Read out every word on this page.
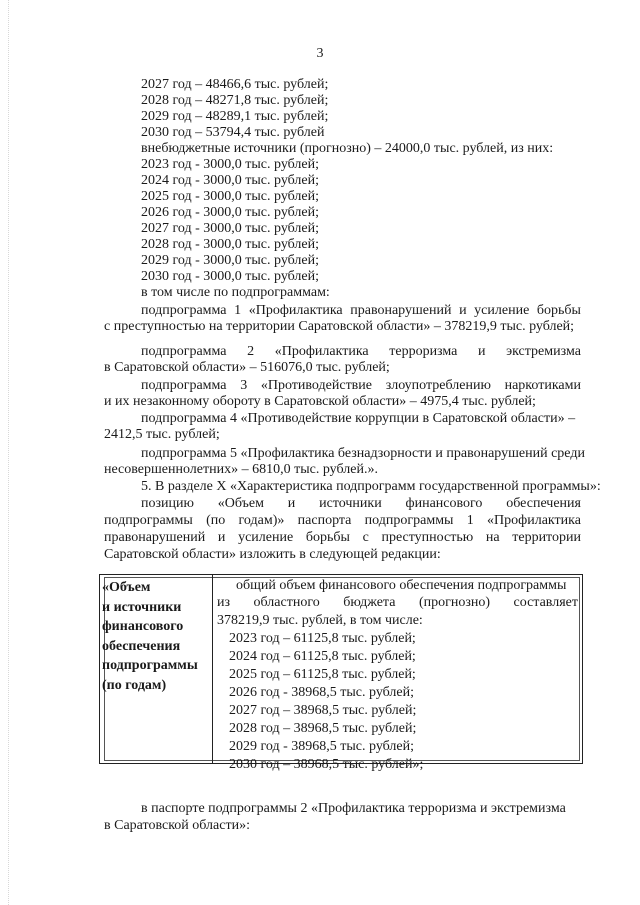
3
2027 год – 48466,6 тыс. рублей;
2028 год – 48271,8 тыс. рублей;
2029 год – 48289,1 тыс. рублей;
2030 год – 53794,4 тыс. рублей
внебюджетные источники (прогнозно) – 24000,0 тыс. рублей, из них:
2023 год - 3000,0 тыс. рублей;
2024 год - 3000,0 тыс. рублей;
2025 год - 3000,0 тыс. рублей;
2026 год - 3000,0 тыс. рублей;
2027 год - 3000,0 тыс. рублей;
2028 год - 3000,0 тыс. рублей;
2029 год - 3000,0 тыс. рублей;
2030 год - 3000,0 тыс. рублей;
в том числе по подпрограммам:
подпрограмма 1 «Профилактика правонарушений и усиление борьбы
с преступностью на территории Саратовской области» – 378219,9 тыс. рублей;
подпрограмма 2 «Профилактика терроризма и экстремизма
в Саратовской области» – 516076,0 тыс. рублей;
подпрограмма 3 «Противодействие злоупотреблению наркотиками
и их незаконному обороту в Саратовской области» – 4975,4 тыс. рублей;
подпрограмма 4 «Противодействие коррупции в Саратовской области» –
2412,5 тыс. рублей;
подпрограмма 5 «Профилактика безнадзорности и правонарушений среди
несовершеннолетних» – 6810,0 тыс. рублей.».
5. В разделе X «Характеристика подпрограмм государственной программы»:
позицию «Объем и источники финансового обеспечения
подпрограммы (по годам)» паспорта подпрограммы 1 «Профилактика
правонарушений и усиление борьбы с преступностью на территории
Саратовской области» изложить в следующей редакции:
«Объем
и источники
финансового
обеспечения
подпрограммы
(по годам)
общий объем финансового обеспечения подпрограммы
из областного бюджета (прогнозно) составляет
378219,9 тыс. рублей, в том числе:
2023 год – 61125,8 тыс. рублей;
2024 год – 61125,8 тыс. рублей;
2025 год – 61125,8 тыс. рублей;
2026 год - 38968,5 тыс. рублей;
2027 год – 38968,5 тыс. рублей;
2028 год – 38968,5 тыс. рублей;
2029 год - 38968,5 тыс. рублей;
2030 год – 38968,5 тыс. рублей»;
в паспорте подпрограммы 2 «Профилактика терроризма и экстремизма
в Саратовской области»:
